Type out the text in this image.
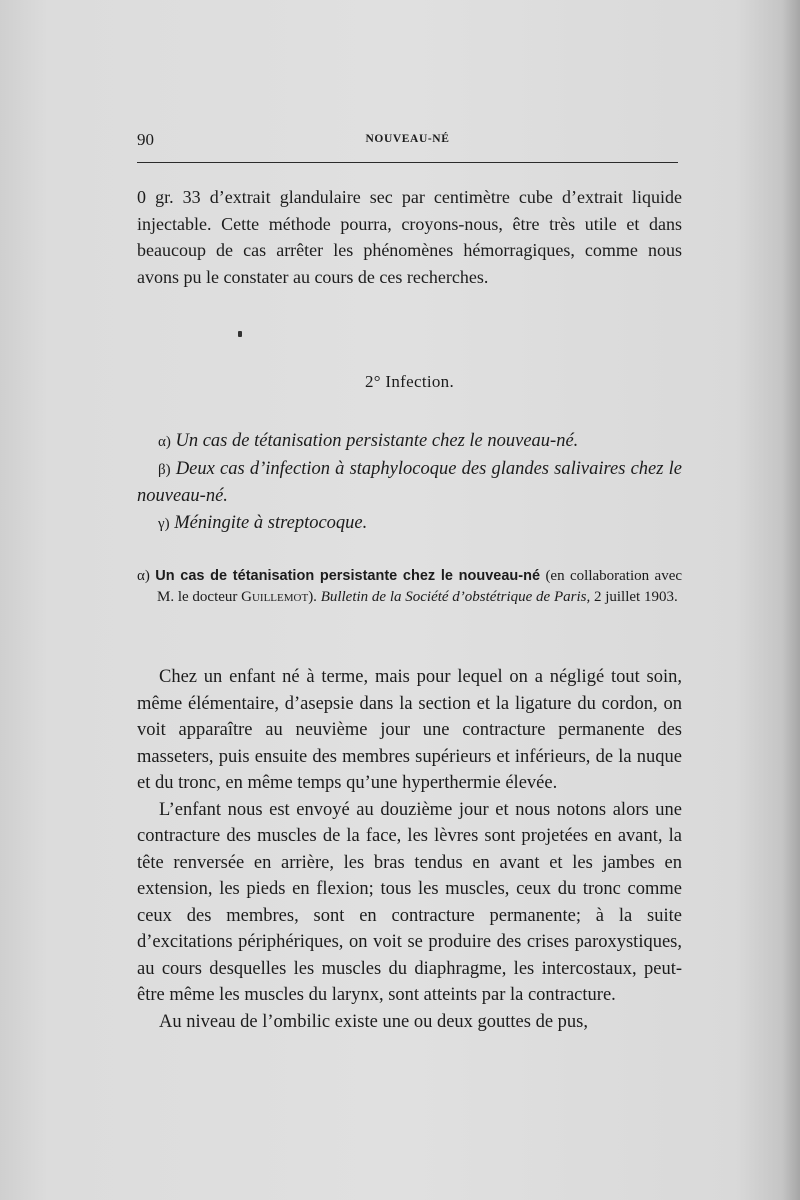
90	NOUVEAU-NÉ

0 gr. 33 d’extrait glandulaire sec par centimètre cube d’extrait liquide injectable. Cette méthode pourra, croyons-nous, être très utile et dans beaucoup de cas arrêter les phénomènes hémorragiques, comme nous avons pu le constater au cours de ces recherches.

2° Infection.

α) Un cas de tétanisation persistante chez le nouveau-né.

β) Deux cas d’infection à staphylocoque des glandes salivaires chez le nouveau-né.

γ) Méningite à streptocoque.

α) Un cas de tétanisation persistante chez le nouveau-né (en collaboration avec M. le docteur Guillemot). Bulletin de la Société d’obstétrique de Paris, 2 juillet 1903.

Chez un enfant né à terme, mais pour lequel on a négligé tout soin, même élémentaire, d’asepsie dans la section et la ligature du cordon, on voit apparaître au neuvième jour une contracture permanente des masseters, puis ensuite des membres supérieurs et inférieurs, de la nuque et du tronc, en même temps qu’une hyperthermie élevée.

L’enfant nous est envoyé au douzième jour et nous notons alors une contracture des muscles de la face, les lèvres sont projetées en avant, la tête renversée en arrière, les bras tendus en avant et les jambes en extension, les pieds en flexion; tous les muscles, ceux du tronc comme ceux des membres, sont en contracture permanente; à la suite d’excitations périphériques, on voit se produire des crises paroxystiques, au cours desquelles les muscles du diaphragme, les intercostaux, peut-être même les muscles du larynx, sont atteints par la contracture.

Au niveau de l’ombilic existe une ou deux gouttes de pus,
